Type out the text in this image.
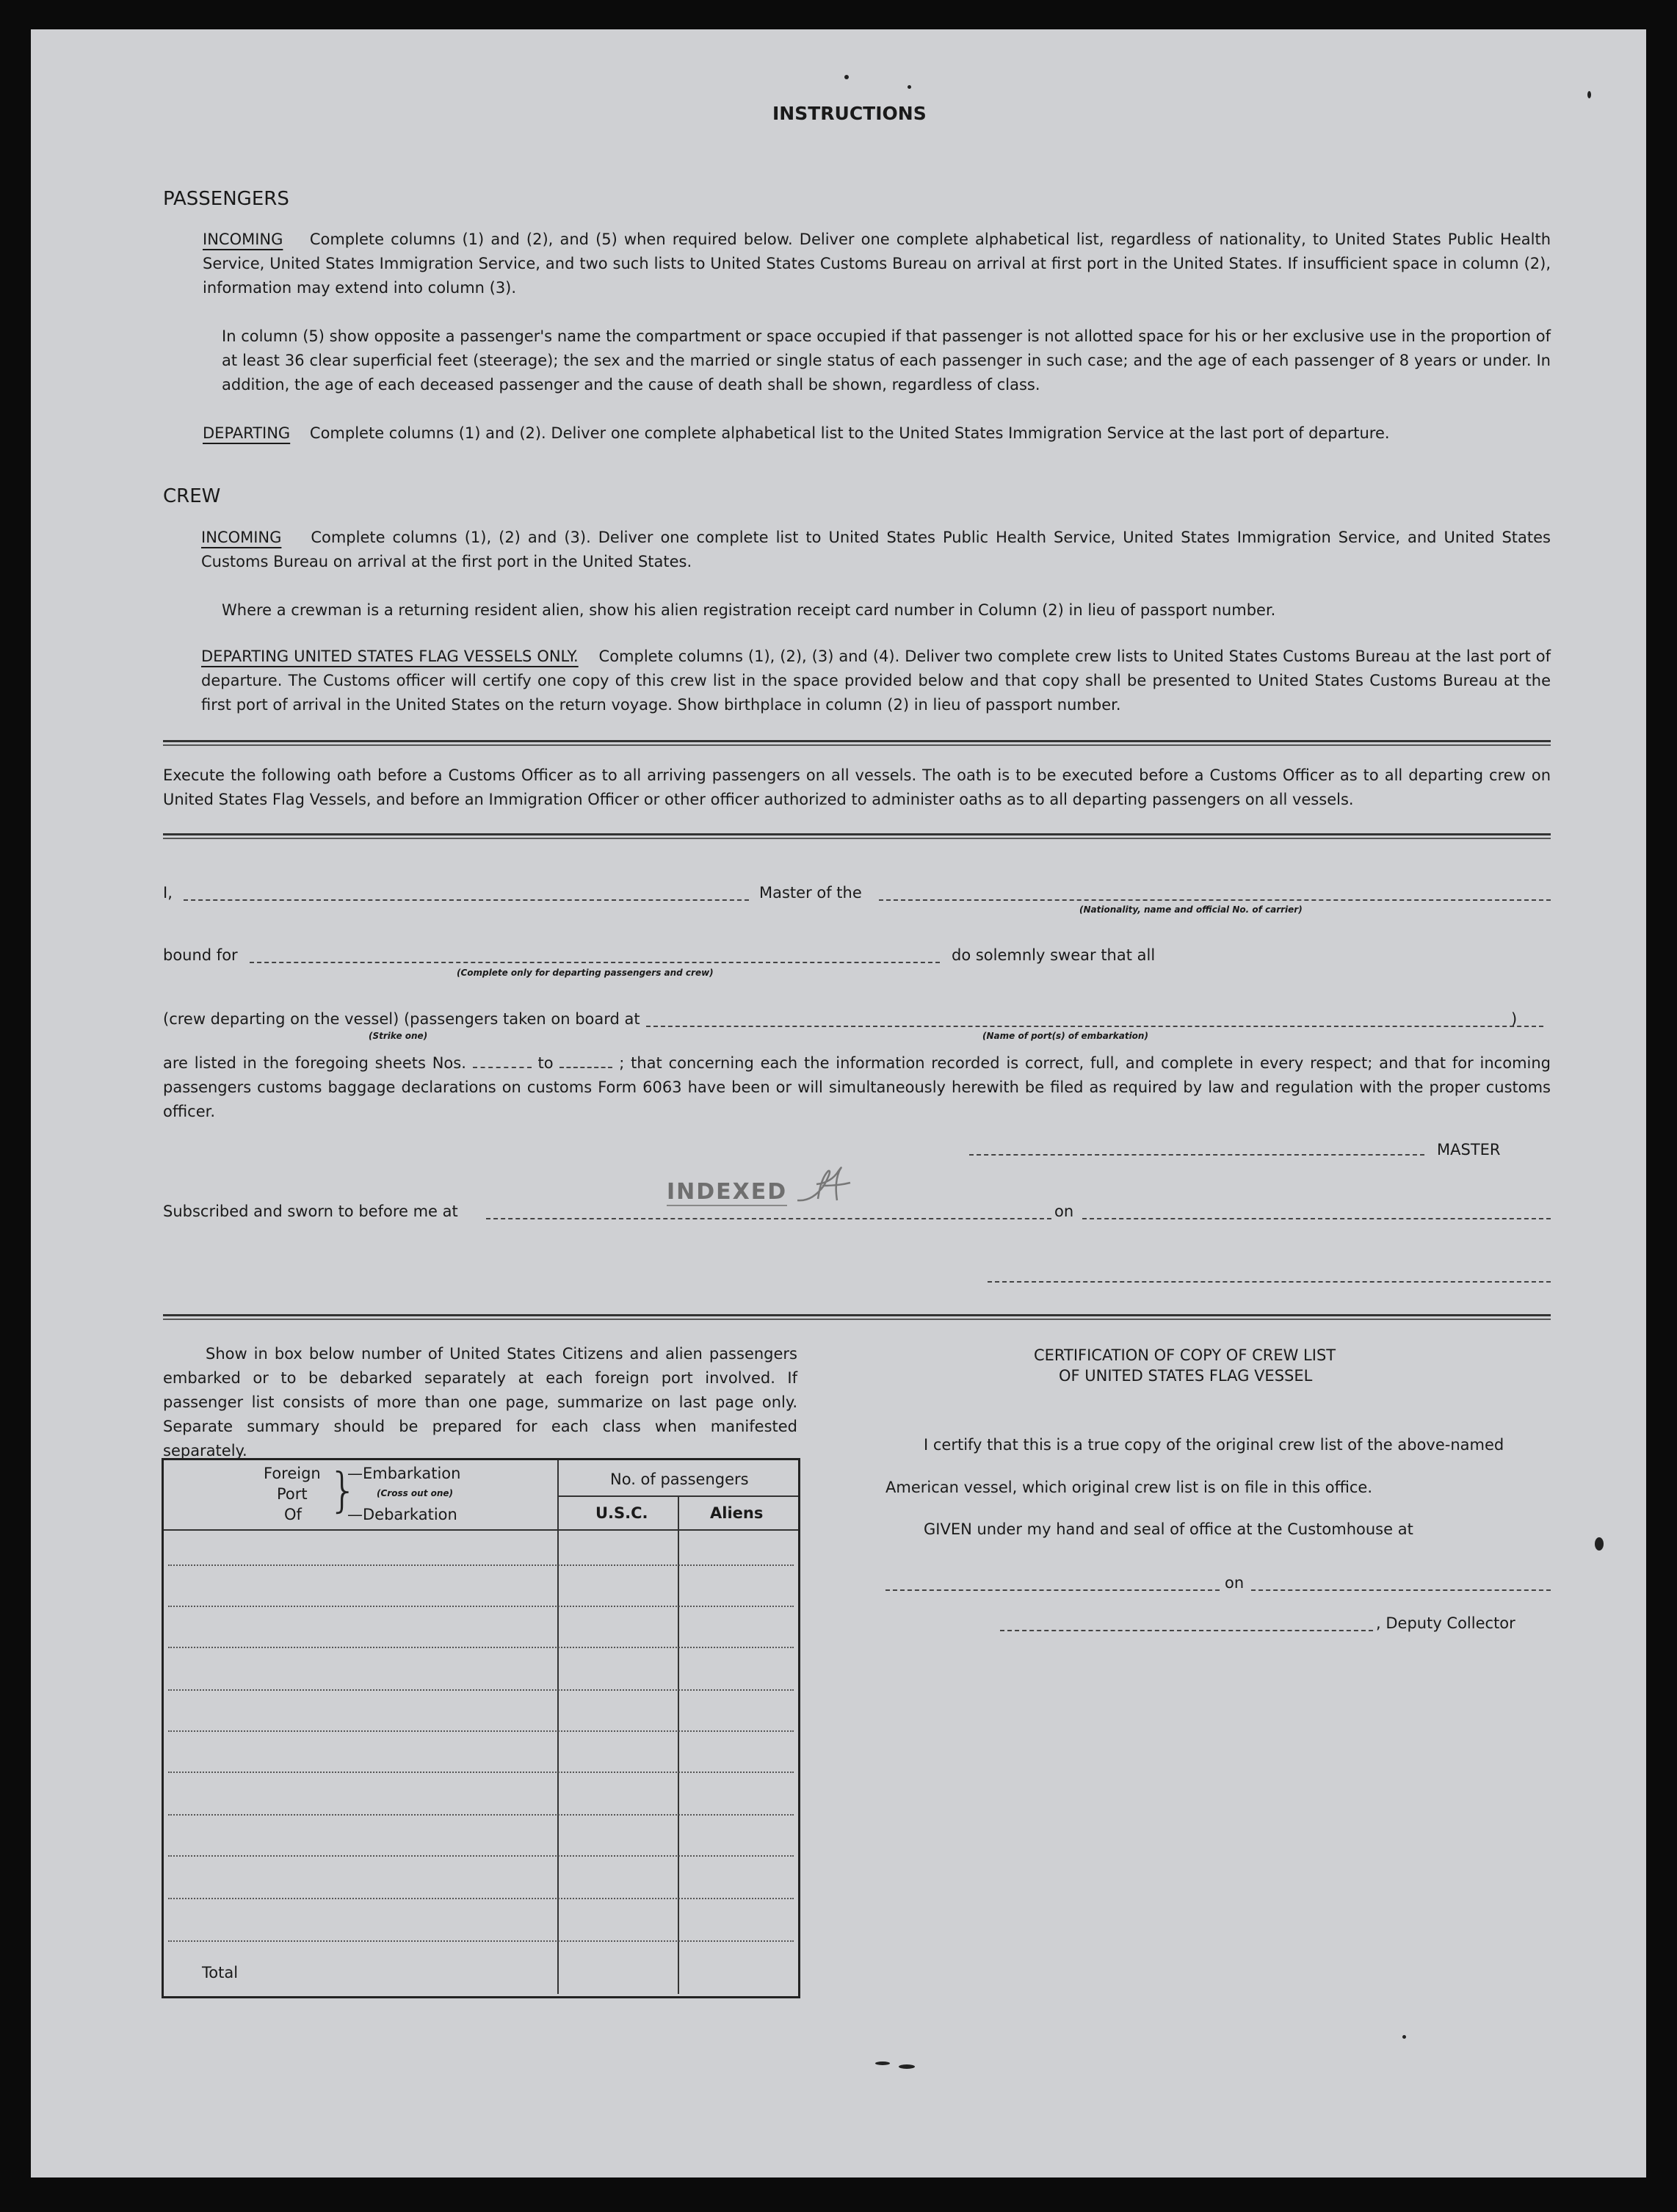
INSTRUCTIONS
PASSENGERS
INCOMING Complete columns (1) and (2), and (5) when required below. Deliver one complete alphabetical list, regardless of nationality, to United States Public Health Service, United States Immigration Service, and two such lists to United States Customs Bureau on arrival at first port in the United States. If insufficient space in column (2), information may extend into column (3).
In column (5) show opposite a passenger's name the compartment or space occupied if that passenger is not allotted space for his or her exclusive use in the proportion of at least 36 clear superficial feet (steerage); the sex and the married or single status of each passenger in such case; and the age of each passenger of 8 years or under. In addition, the age of each deceased passenger and the cause of death shall be shown, regardless of class.
DEPARTING Complete columns (1) and (2). Deliver one complete alphabetical list to the United States Immigration Service at the last port of departure.
CREW
INCOMING Complete columns (1), (2) and (3). Deliver one complete list to United States Public Health Service, United States Immigration Service, and United States Customs Bureau on arrival at the first port in the United States.
Where a crewman is a returning resident alien, show his alien registration receipt card number in Column (2) in lieu of passport number.
DEPARTING UNITED STATES FLAG VESSELS ONLY. Complete columns (1), (2), (3) and (4). Deliver two complete crew lists to United States Customs Bureau at the last port of departure. The Customs officer will certify one copy of this crew list in the space provided below and that copy shall be presented to United States Customs Bureau at the first port of arrival in the United States on the return voyage. Show birthplace in column (2) in lieu of passport number.
Execute the following oath before a Customs Officer as to all arriving passengers on all vessels. The oath is to be executed before a Customs Officer as to all departing crew on United States Flag Vessels, and before an Immigration Officer or other officer authorized to administer oaths as to all departing passengers on all vessels.
I,	Master of the
(Nationality, name and official No. of carrier)
bound for
(Complete only for departing passengers and crew)
do solemnly swear that all
(crew departing on the vessel) (passengers taken on board at	)
(Strike one)	(Name of port(s) of embarkation)
are listed in the foregoing sheets Nos.	to	; that concerning each the information recorded is correct, full, and complete in every respect; and that for incoming passengers customs baggage declarations on customs Form 6063 have been or will simultaneously herewith be filed as required by law and regulation with the proper customs officer.
MASTER
INDEXED
Subscribed and sworn to before me at	on
Show in box below number of United States Citizens and alien passengers embarked or to be debarked separately at each foreign port involved. If passenger list consists of more than one page, summarize on last page only. Separate summary should be prepared for each class when manifested separately.
Foreign
Port
Of }
—Embarkation
(Cross out one)
—Debarkation
No. of passengers
U.S.C.	Aliens
Total
CERTIFICATION OF COPY OF CREW LIST
OF UNITED STATES FLAG VESSEL
I certify that this is a true copy of the original crew list of the above-named
American vessel, which original crew list is on file in this office.
GIVEN under my hand and seal of office at the Customhouse at
on
, Deputy Collector
